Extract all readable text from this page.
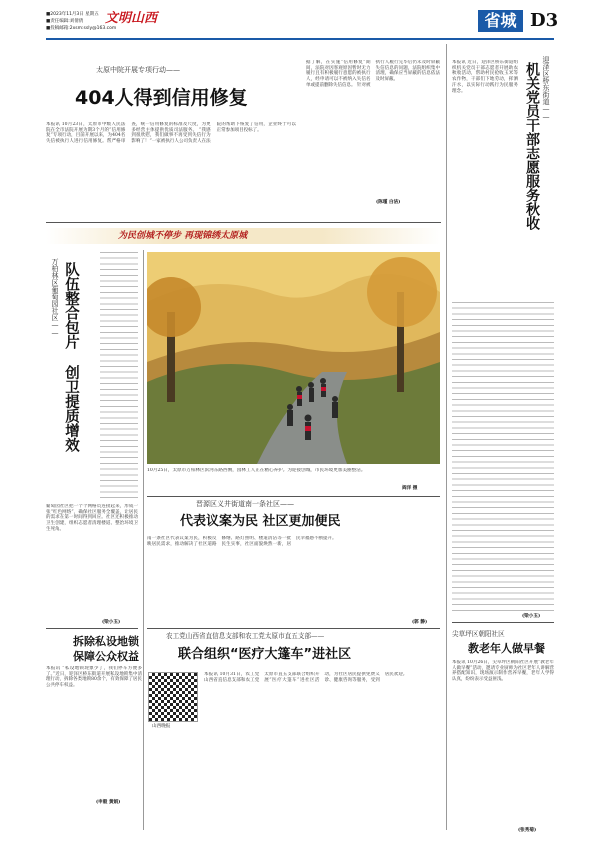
■2023年11月3日 星期五
■责任编辑:刘倩倩
■投稿邮箱:2xsm:ssly@163.com
文明山西	省城 D3
太原中院开展专项行动——
404人得到信用修复
本报讯 10月23日，太原市中级人民法院在全市法院开展为期3个月的“信用修复”专项行动，目前开展以来，为404名失信被执行人进行信用修复。帮严格审查，统一信用修复的标准及尺度，为更多经营主体提供优质司法服务。 “我感到很欣慰，我们做事不再受到失信行为影响了！”一家被执行人公司负责人在法院的帮助下恢复了信用，企业终于可以正常参加项目投标了。
据了解，在实施“信用修复”期间，法院对因客观原因暂时无力履行且有积极履行意愿的被执行人，经申请可以不被纳入失信名单或提前删除失信信息。 针对被执行人履行完毕后仍未及时屏蔽失信信息的问题，法院组织集中清理，确保应当屏蔽的信息依法及时屏蔽。
(陈瑾 白洁)
为民创城不停步 再现锦绣太原城
万柏林区葡萄园社区—— 队伍整合包片 创卫提质增效
葡萄园社区把一个个网格员连接起来，形成一张“红色网络”，确保社区服务全覆盖，让居民的需求在第一时间得到回应。社区还积极推动卫生创建，组织志愿者清理楼道、整治环境卫生死角。
(梁小玉)
10月25日，太原市万柏林区滨河东路西侧，园林工人正在精心养护。为迎接创城，市民环境更加美丽整洁。
阎洋 摄
晋源区义井街道南一条社区——
代表议案为民 社区更加便民
南一条社区代表议案为民，积极反映居民需求，推动解决了社区道路修缮、路灯照明、楼道清洁等一批民生实事，社区面貌焕然一新，居民幸福感不断提升。
(郭 静)
拆除私设地锁 保障公众权益
本报讯 “私设地锁现象少了，我们停车方便多了。”近日，迎泽区桥东街道开展私设地锁集中清理行动，拆除各类地锁80余个，有效保障了居民公共停车权益。
(申毅 黄娟)
农工党山西省直信息支部和农工党太原市直五支部——
联合组织“医疗大篷车”进社区
山西晚报
本报讯 10月31日，农工党山西省直信息支部和农工党太原市直五支部联合组织开展“医疗大篷车”进社区活动，为社区居民提供免费义诊、健康咨询等服务，受到居民欢迎。
迎泽区桥东街道——
机关党员干部志愿服务秋收
本报讯 近日，迎泽区桥东街道组织机关党员干部志愿者开展助农秋收活动，帮助村民抢收玉米等农作物，干部们下地劳动，挥洒汗水，以实际行动践行为民服务理念。
(梁小玉)
尖草坪区朝阳社区
教老年人做早餐
本报讯 10月26日，尖草坪区朝阳社区开展“教老年人做早餐”活动，邀请专业厨师为社区老年人讲解营养搭配知识，现场演示制作营养早餐，老年人学得认真，纷纷表示受益匪浅。
(张秀菊)
